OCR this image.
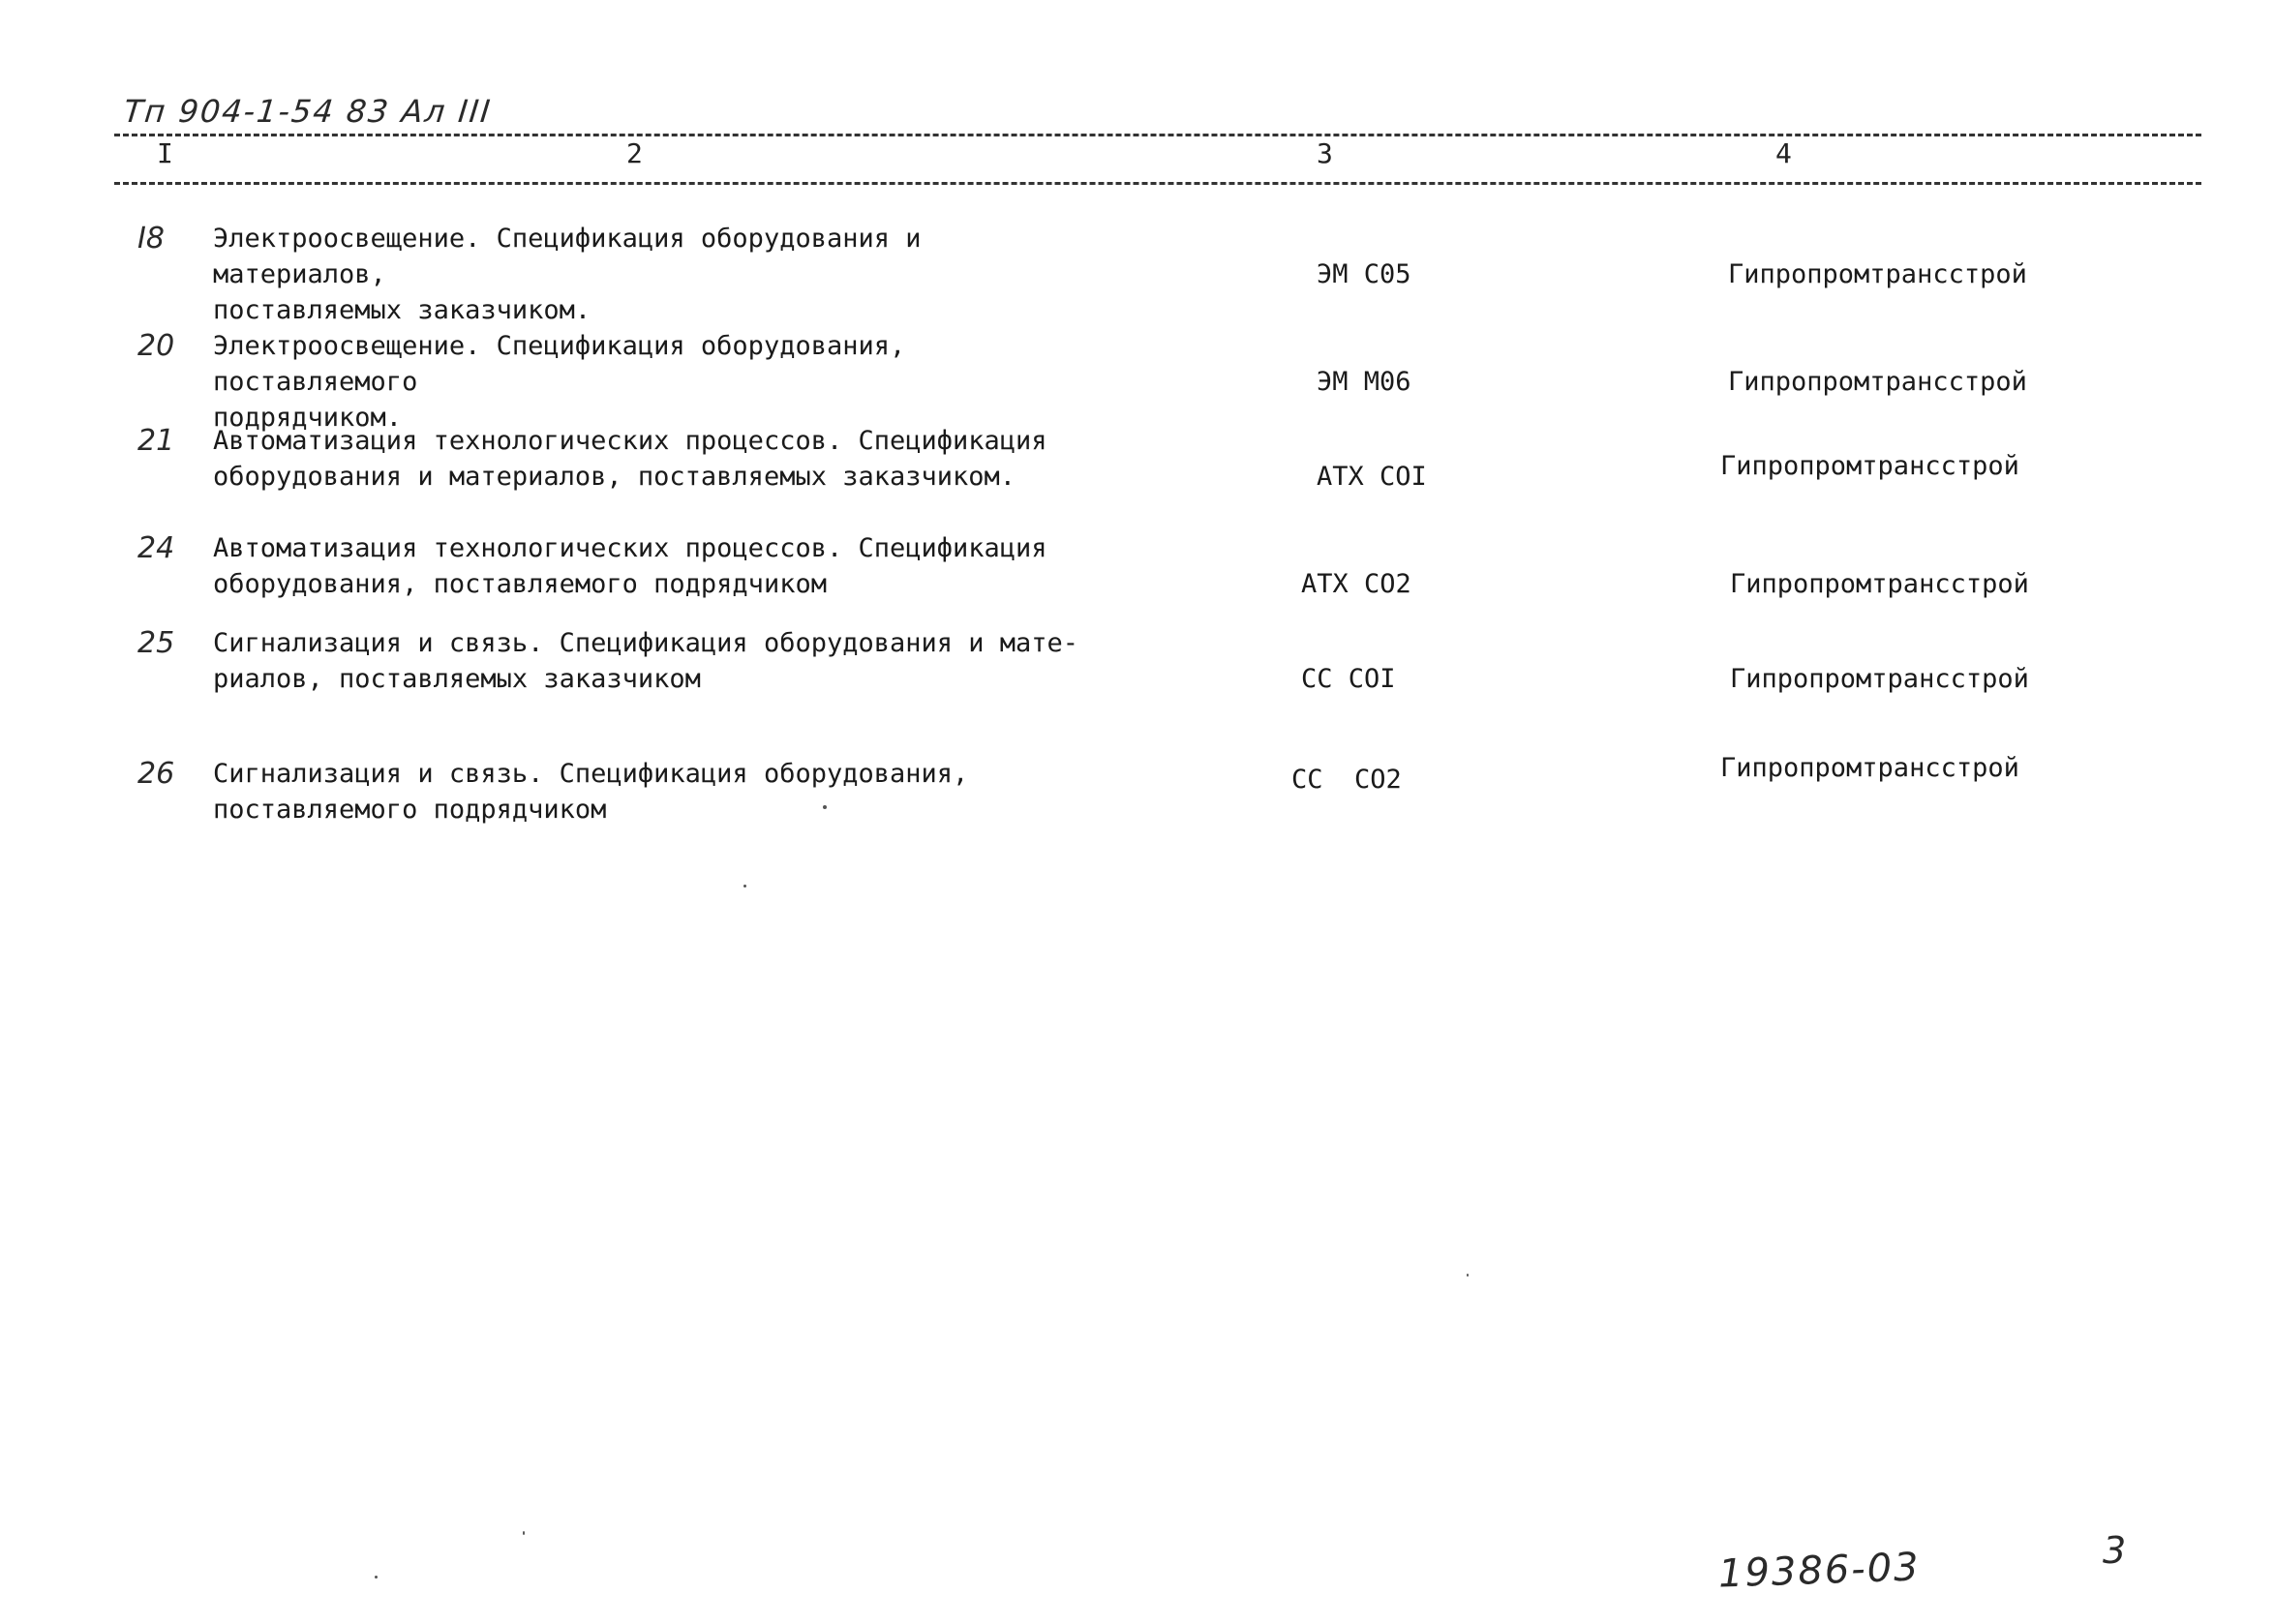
Тп 904-1-54 83 Ал III
I	2	3	4
I8 Электроосвещение. Спецификация оборудования и материалов,
поставляемых заказчиком.
ЭМ С05	Гипропромтрансстрой
20 Электроосвещение. Спецификация оборудования, поставляемого
подрядчиком.
ЭМ М06	Гипропромтрансстрой
21 Автоматизация технологических процессов. Спецификация
оборудования и материалов, поставляемых заказчиком.	АТХ СОI	Гипропромтрансстрой
24 Автоматизация технологических процессов. Спецификация
оборудования, поставляемого подрядчиком	АТХ СО2	Гипропромтрансстрой
25 Сигнализация и связь. Спецификация оборудования и мате-
риалов, поставляемых заказчиком	СС СОI	Гипропромтрансстрой
26 Сигнализация и связь. Спецификация оборудования,
поставляемого подрядчиком
СС  СО2	Гипропромтрансстрой
19386-03	3
